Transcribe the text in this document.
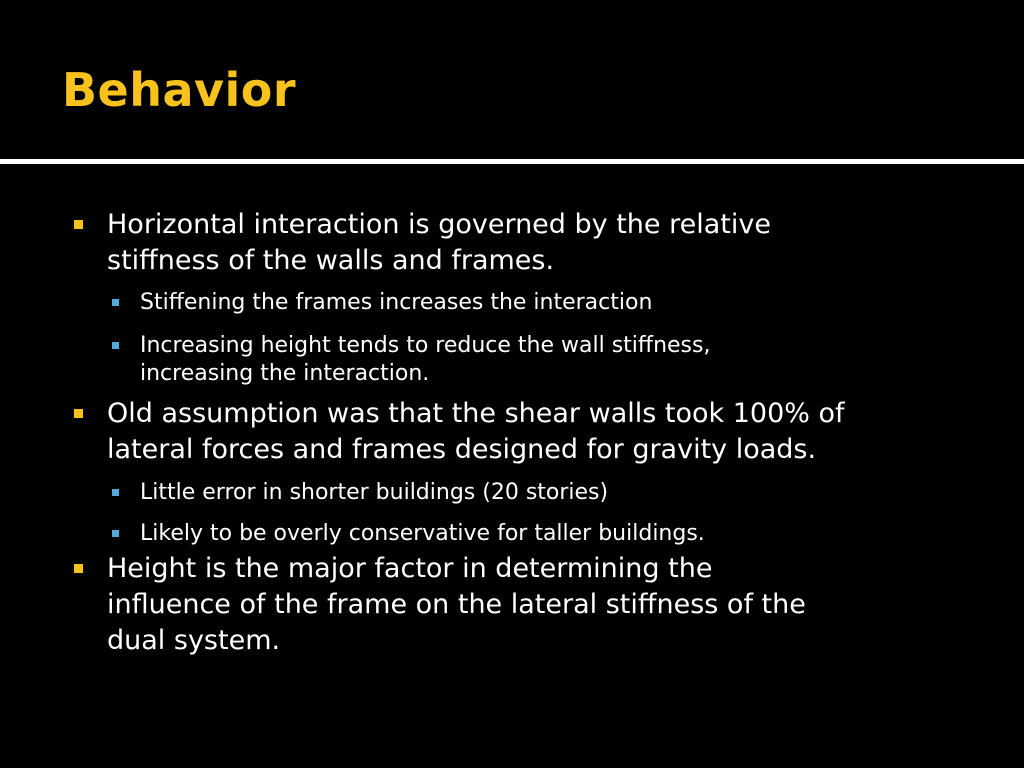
Behavior
Horizontal interaction is governed by the relative
stiffness of the walls and frames.
Stiffening the frames increases the interaction
Increasing height tends to reduce the wall stiffness,
increasing the interaction.
Old assumption was that the shear walls took 100% of
lateral forces and frames designed for gravity loads.
Little error in shorter buildings (20 stories)
Likely to be overly conservative for taller buildings.
Height is the major factor in determining the
influence of the frame on the lateral stiffness of the
dual system.
